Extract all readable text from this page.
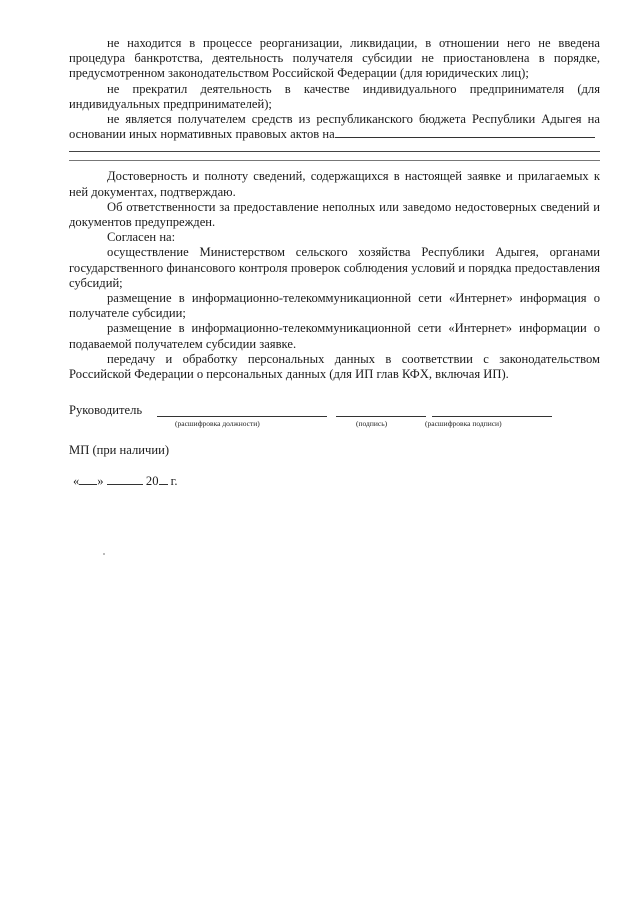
не находится в процессе реорганизации, ликвидации, в отношении него не введена процедура банкротства, деятельность получателя субсидии не приостановлена в порядке, предусмотренном законодательством Российской Федерации (для юридических лиц);

не прекратил деятельность в качестве индивидуального предпринимателя (для индивидуальных предпринимателей);

не является получателем средств из республиканского бюджета Республики Адыгея на основании иных нормативных правовых актов на

Достоверность и полноту сведений, содержащихся в настоящей заявке и прилагаемых к ней документах, подтверждаю.

Об ответственности за предоставление неполных или заведомо недостоверных сведений и документов предупрежден.

Согласен на:

осуществление Министерством сельского хозяйства Республики Адыгея, органами государственного финансового контроля проверок соблюдения условий и порядка предоставления субсидий;

размещение в информационно-телекоммуникационной сети «Интернет» информация о получателе субсидии;

размещение в информационно-телекоммуникационной сети «Интернет» информации о подаваемой получателем субсидии заявке.

передачу и обработку персональных данных в соответствии с законодательством Российской Федерации о персональных данных (для ИП глав КФХ, включая ИП).

Руководитель
(расшифровка должности)	(подпись)	(расшифровка подписи)
МП (при наличии)
« »	20 г.
